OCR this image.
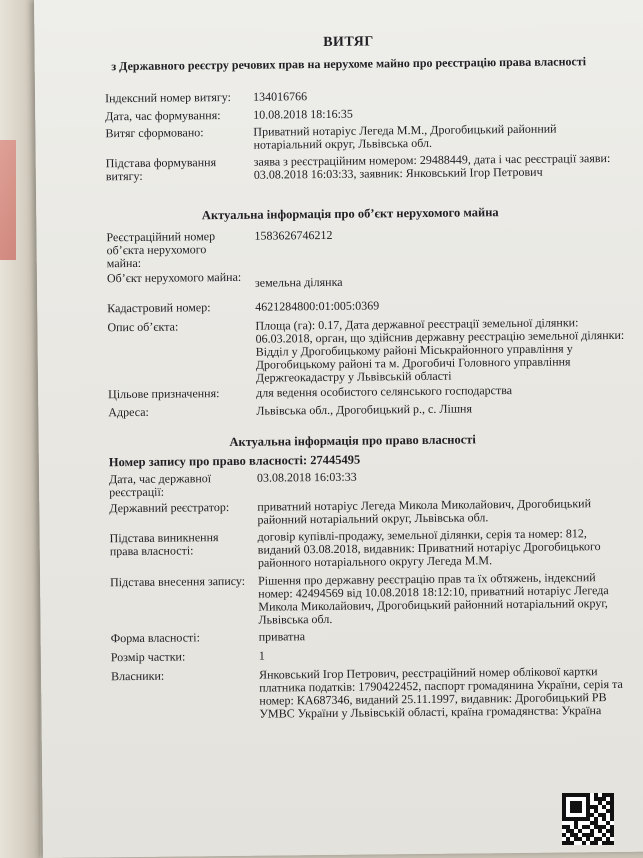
ВИТЯГ
з Державного реєстру речових прав на нерухоме майно про реєстрацію права власності
Індексний номер витягу:	134016766
Дата, час формування:	10.08.2018 18:16:35
Витяг сформовано:	Приватний нотаріус Легеда М.М., Дрогобицький районний нотаріальний округ, Львівська обл.
Підстава формування витягу:
заява з реєстраційним номером: 29488449, дата і час реєстрації заяви: 03.08.2018 16:03:33, заявник: Янковський Ігор Петрович
Актуальна інформація про об’єкт нерухомого майна
Реєстраційний номер об’єкта нерухомого майна:
1583626746212
Об’єкт нерухомого майна: земельна ділянка
Кадастровий номер:	4621284800:01:005:0369
Опис об’єкта:	Площа (га): 0.17, Дата державної реєстрації земельної ділянки: 06.03.2018, орган, що здійснив державну реєстрацію земельної ділянки: Відділ у Дрогобицькому районі Міськрайонного управління у Дрогобицькому районі та м. Дрогобичі Головного управління Держгеокадастру у Львівській області
Цільове призначення:	для ведення особистого селянського господарства
Адреса:	Львівська обл., Дрогобицький р., с. Лішня
Актуальна інформація про право власності
Номер запису про право власності: 27445495
Дата, час державної реєстрації:
03.08.2018 16:03:33
Державний реєстратор:	приватний нотаріус Легеда Микола Миколайович, Дрогобицький районний нотаріальний округ, Львівська обл.
Підстава виникнення права власності:
договір купівлі-продажу, земельної ділянки, серія та номер: 812, виданий 03.08.2018, видавник: Приватний нотаріус Дрогобицького районного нотаріального округу Легеда М.М.
Підстава внесення запису: Рішення про державну реєстрацію прав та їх обтяжень, індексний номер: 42494569 від 10.08.2018 18:12:10, приватний нотаріус Легеда Микола Миколайович, Дрогобицький районний нотаріальний округ, Львівська обл.
Форма власності:	приватна
Розмір частки:	1
Власники:	Янковський Ігор Петрович, реєстраційний номер облікової картки платника податків: 1790422452, паспорт громадянина України, серія та номер: КА687346, виданий 25.11.1997, видавник: Дрогобицький РВ УМВС України у Львівській області, країна громадянства: Україна
